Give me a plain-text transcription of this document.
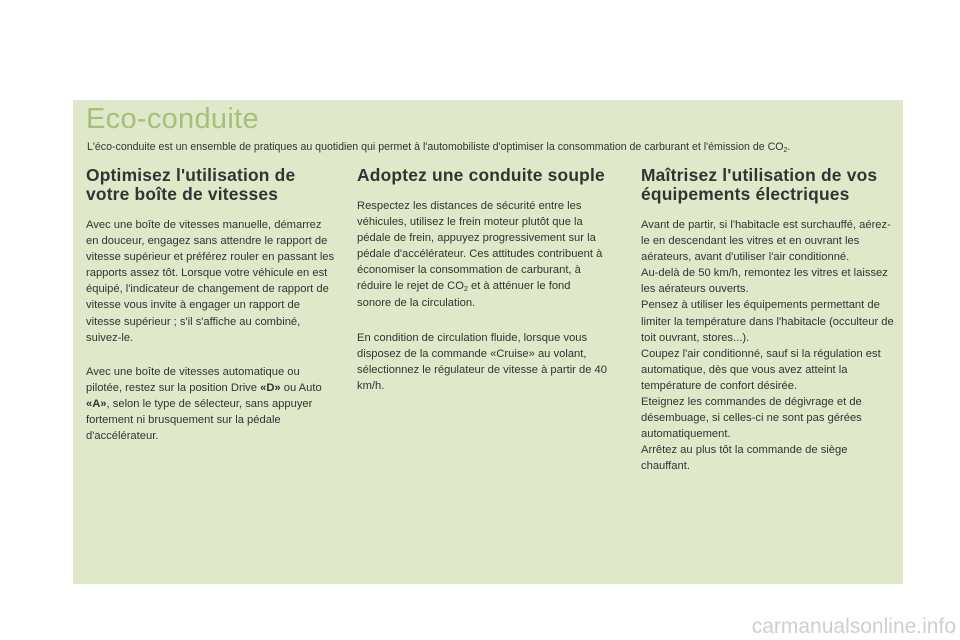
Eco-conduite

L'éco-conduite est un ensemble de pratiques au quotidien qui permet à l'automobiliste d'optimiser la consommation de carburant et l'émission de $CO_2$.

Optimisez l'utilisation de votre boîte de vitesses

Avec une boîte de vitesses manuelle, démarrez en douceur, engagez sans attendre le rapport de vitesse supérieur et préférez rouler en passant les rapports assez tôt. Lorsque votre véhicule en est équipé, l'indicateur de changement de rapport de vitesse vous invite à engager un rapport de vitesse supérieur ; s'il s'affiche au combiné, suivez-le.

Avec une boîte de vitesses automatique ou pilotée, restez sur la position Drive «D» ou Auto «A», selon le type de sélecteur, sans appuyer fortement ni brusquement sur la pédale d'accélérateur.

Adoptez une conduite souple

Respectez les distances de sécurité entre les véhicules, utilisez le frein moteur plutôt que la pédale de frein, appuyez progressivement sur la pédale d'accélérateur. Ces attitudes contribuent à économiser la consommation de carburant, à réduire le rejet de $CO_2$ et à atténuer le fond sonore de la circulation.

En condition de circulation fluide, lorsque vous disposez de la commande «Cruise» au volant, sélectionnez le régulateur de vitesse à partir de 40 km/h.

Maîtrisez l'utilisation de vos équipements électriques

Avant de partir, si l'habitacle est surchauffé, aérez-le en descendant les vitres et en ouvrant les aérateurs, avant d'utiliser l'air conditionné.

Au-delà de 50 km/h, remontez les vitres et laissez les aérateurs ouverts.

Pensez à utiliser les équipements permettant de limiter la température dans l'habitacle (occulteur de toit ouvrant, stores...).

Coupez l'air conditionné, sauf si la régulation est automatique, dès que vous avez atteint la température de confort désirée.

Eteignez les commandes de dégivrage et de désembuage, si celles-ci ne sont pas gérées automatiquement.

Arrêtez au plus tôt la commande de siège chauffant.

carmanualsonline.info
